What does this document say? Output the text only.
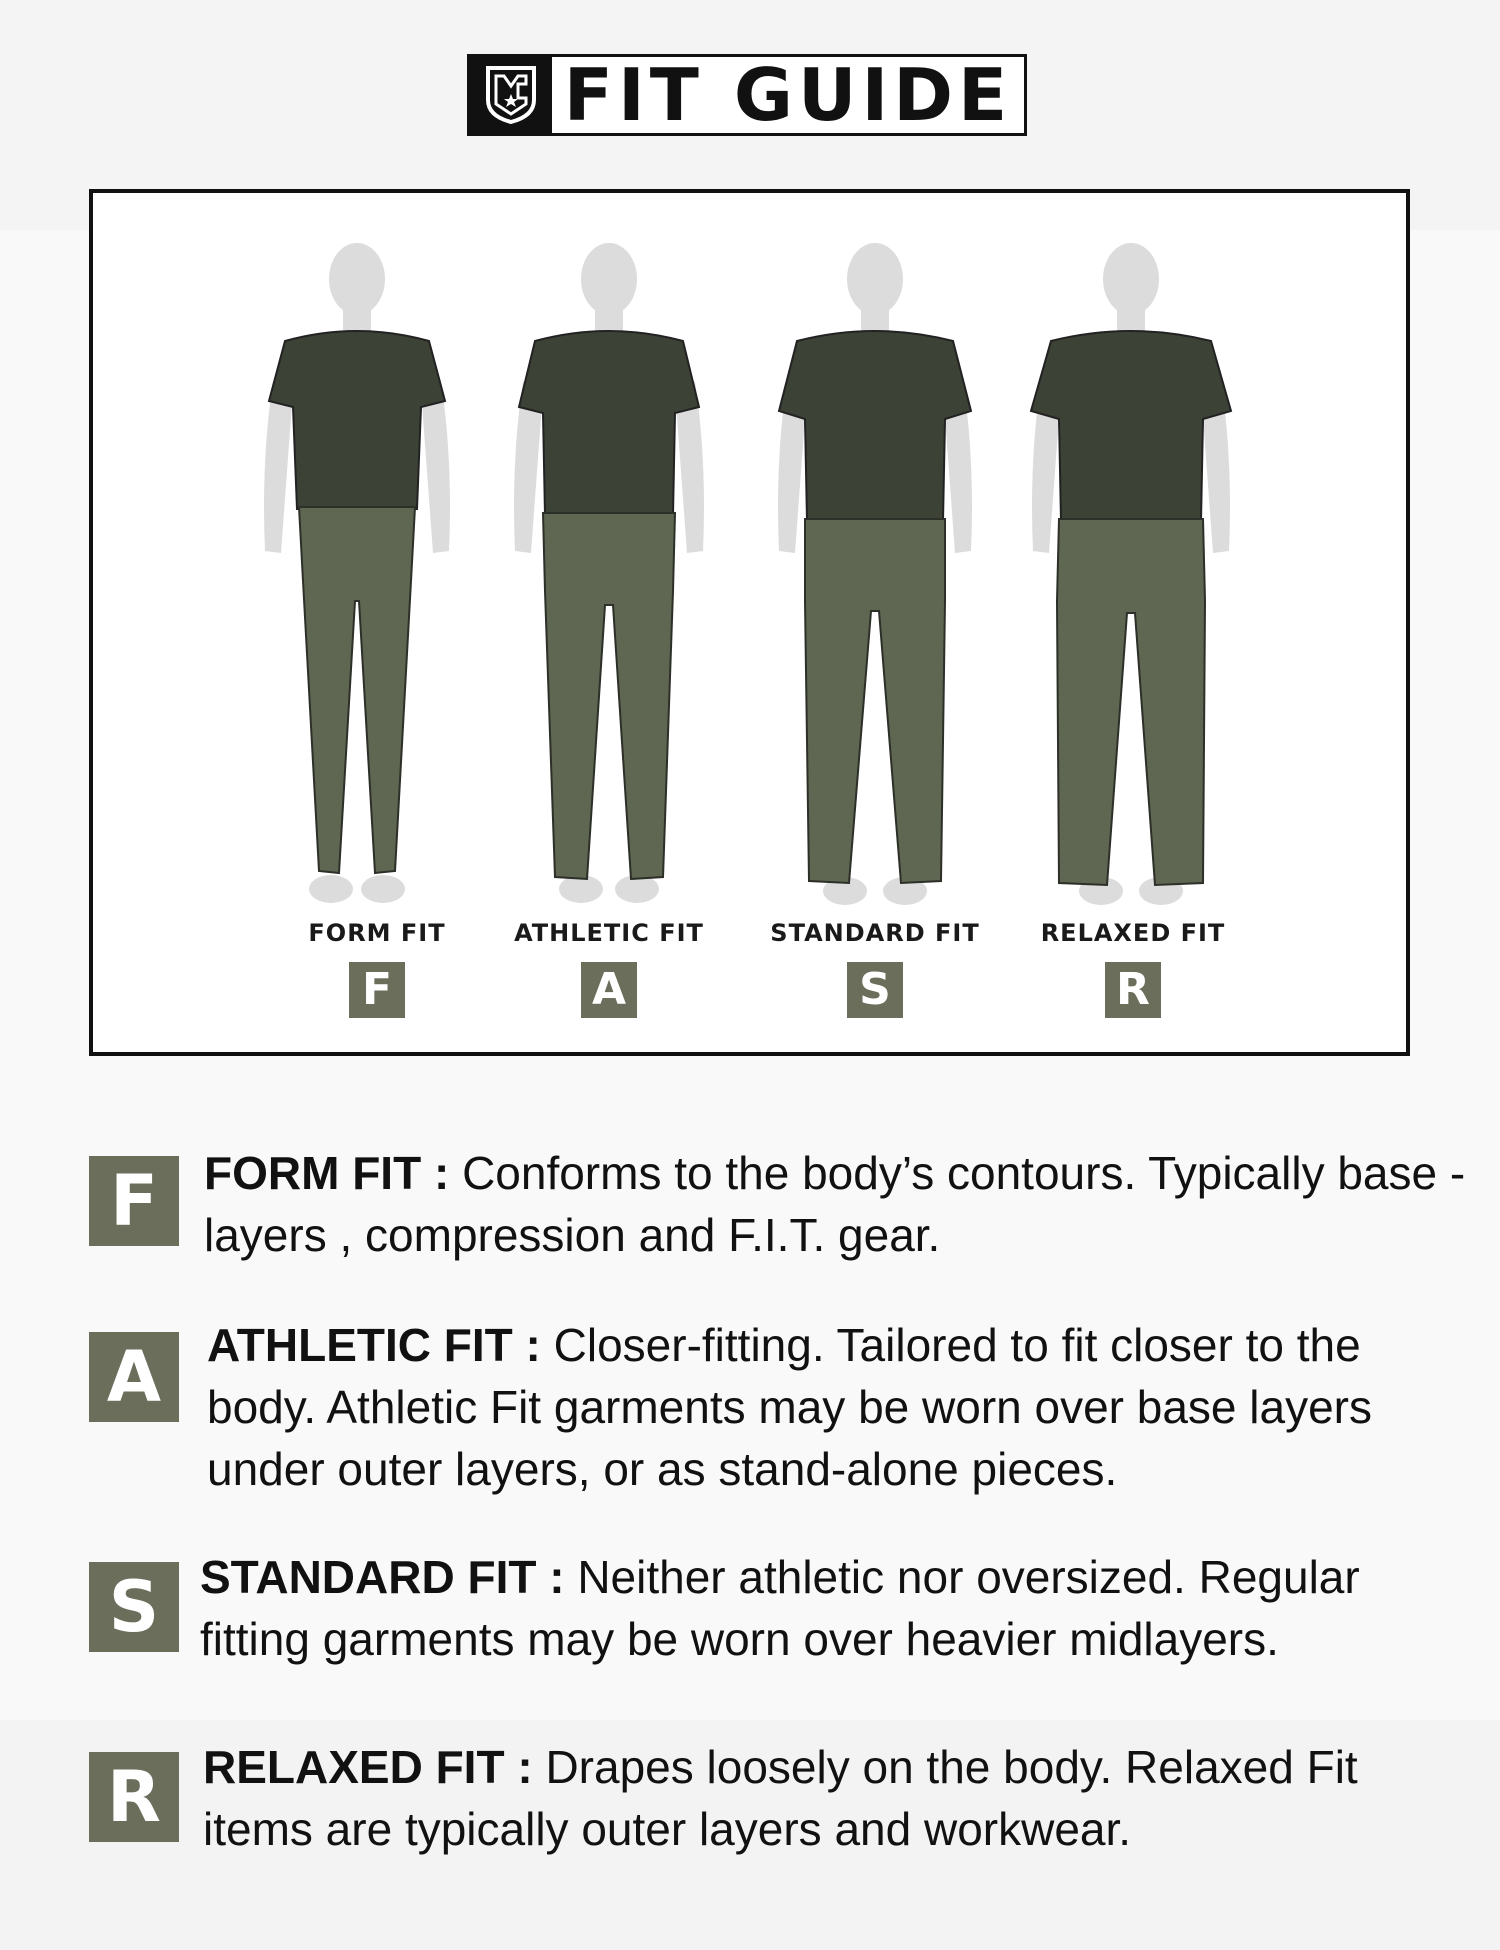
FIT GUIDE
FORM FIT
F
ATHLETIC FIT
A
STANDARD FIT
S
RELAXED FIT
R
F	FORM FIT : Conforms to the body’s contours. Typically base - layers , compression and F.I.T. gear.
A ATHLETIC FIT : Closer-fitting. Tailored to fit closer to the body. Athletic Fit garments may be worn over base layers under outer layers, or as stand-alone pieces.
S STANDARD FIT : Neither athletic nor oversized. Regular fitting garments may be worn over heavier midlayers.
R RELAXED FIT : Drapes loosely on the body. Relaxed Fit items are typically outer layers and workwear.
